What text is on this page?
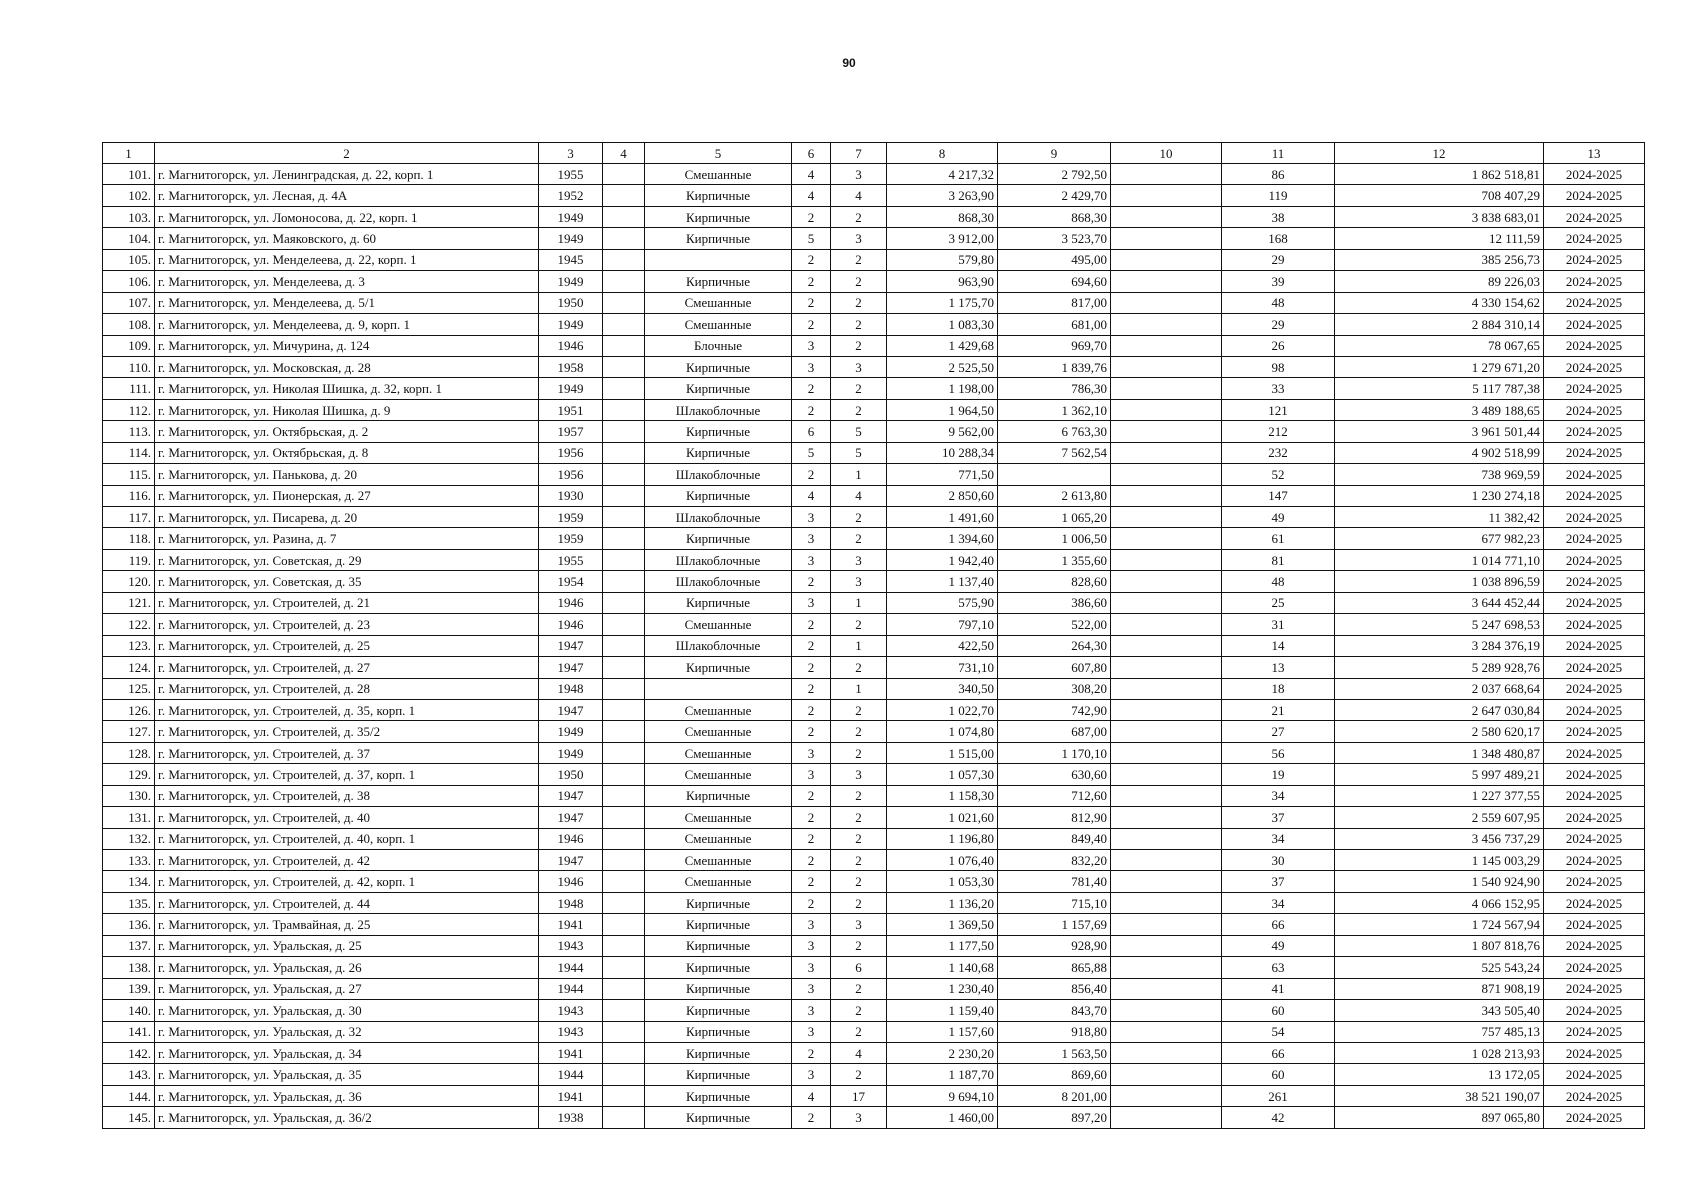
90
1	2	3	4	5	6	7	8	9	10	11	12	13
101.	г. Магнитогорск, ул. Ленинградская, д. 22, корп. 1	1955		Смешанные	4	3	4 217,32	2 792,50		86	1 862 518,81	2024-2025
102.	г. Магнитогорск, ул. Лесная, д. 4А	1952		Кирпичные	4	4	3 263,90	2 429,70		119	708 407,29	2024-2025
103.	г. Магнитогорск, ул. Ломоносова, д. 22, корп. 1	1949		Кирпичные	2	2	868,30	868,30		38	3 838 683,01	2024-2025
104.	г. Магнитогорск, ул. Маяковского, д. 60	1949		Кирпичные	5	3	3 912,00	3 523,70		168	12 111,59	2024-2025
105.	г. Магнитогорск, ул. Менделеева, д. 22, корп. 1	1945			2	2	579,80	495,00		29	385 256,73	2024-2025
106.	г. Магнитогорск, ул. Менделеева, д. 3	1949		Кирпичные	2	2	963,90	694,60		39	89 226,03	2024-2025
107.	г. Магнитогорск, ул. Менделеева, д. 5/1	1950		Смешанные	2	2	1 175,70	817,00		48	4 330 154,62	2024-2025
108.	г. Магнитогорск, ул. Менделеева, д. 9, корп. 1	1949		Смешанные	2	2	1 083,30	681,00		29	2 884 310,14	2024-2025
109.	г. Магнитогорск, ул. Мичурина, д. 124	1946		Блочные	3	2	1 429,68	969,70		26	78 067,65	2024-2025
110.	г. Магнитогорск, ул. Московская, д. 28	1958		Кирпичные	3	3	2 525,50	1 839,76		98	1 279 671,20	2024-2025
111.	г. Магнитогорск, ул. Николая Шишка, д. 32, корп. 1	1949		Кирпичные	2	2	1 198,00	786,30		33	5 117 787,38	2024-2025
112.	г. Магнитогорск, ул. Николая Шишка, д. 9	1951		Шлакоблочные	2	2	1 964,50	1 362,10		121	3 489 188,65	2024-2025
113.	г. Магнитогорск, ул. Октябрьская, д. 2	1957		Кирпичные	6	5	9 562,00	6 763,30		212	3 961 501,44	2024-2025
114.	г. Магнитогорск, ул. Октябрьская, д. 8	1956		Кирпичные	5	5	10 288,34	7 562,54		232	4 902 518,99	2024-2025
115.	г. Магнитогорск, ул. Панькова, д. 20	1956		Шлакоблочные	2	1	771,50			52	738 969,59	2024-2025
116.	г. Магнитогорск, ул. Пионерская, д. 27	1930		Кирпичные	4	4	2 850,60	2 613,80		147	1 230 274,18	2024-2025
117.	г. Магнитогорск, ул. Писарева, д. 20	1959		Шлакоблочные	3	2	1 491,60	1 065,20		49	11 382,42	2024-2025
118.	г. Магнитогорск, ул. Разина, д. 7	1959		Кирпичные	3	2	1 394,60	1 006,50		61	677 982,23	2024-2025
119.	г. Магнитогорск, ул. Советская, д. 29	1955		Шлакоблочные	3	3	1 942,40	1 355,60		81	1 014 771,10	2024-2025
120.	г. Магнитогорск, ул. Советская, д. 35	1954		Шлакоблочные	2	3	1 137,40	828,60		48	1 038 896,59	2024-2025
121.	г. Магнитогорск, ул. Строителей, д. 21	1946		Кирпичные	3	1	575,90	386,60		25	3 644 452,44	2024-2025
122.	г. Магнитогорск, ул. Строителей, д. 23	1946		Смешанные	2	2	797,10	522,00		31	5 247 698,53	2024-2025
123.	г. Магнитогорск, ул. Строителей, д. 25	1947		Шлакоблочные	2	1	422,50	264,30		14	3 284 376,19	2024-2025
124.	г. Магнитогорск, ул. Строителей, д. 27	1947		Кирпичные	2	2	731,10	607,80		13	5 289 928,76	2024-2025
125.	г. Магнитогорск, ул. Строителей, д. 28	1948			2	1	340,50	308,20		18	2 037 668,64	2024-2025
126.	г. Магнитогорск, ул. Строителей, д. 35, корп. 1	1947		Смешанные	2	2	1 022,70	742,90		21	2 647 030,84	2024-2025
127.	г. Магнитогорск, ул. Строителей, д. 35/2	1949		Смешанные	2	2	1 074,80	687,00		27	2 580 620,17	2024-2025
128.	г. Магнитогорск, ул. Строителей, д. 37	1949		Смешанные	3	2	1 515,00	1 170,10		56	1 348 480,87	2024-2025
129.	г. Магнитогорск, ул. Строителей, д. 37, корп. 1	1950		Смешанные	3	3	1 057,30	630,60		19	5 997 489,21	2024-2025
130.	г. Магнитогорск, ул. Строителей, д. 38	1947		Кирпичные	2	2	1 158,30	712,60		34	1 227 377,55	2024-2025
131.	г. Магнитогорск, ул. Строителей, д. 40	1947		Смешанные	2	2	1 021,60	812,90		37	2 559 607,95	2024-2025
132.	г. Магнитогорск, ул. Строителей, д. 40, корп. 1	1946		Смешанные	2	2	1 196,80	849,40		34	3 456 737,29	2024-2025
133.	г. Магнитогорск, ул. Строителей, д. 42	1947		Смешанные	2	2	1 076,40	832,20		30	1 145 003,29	2024-2025
134.	г. Магнитогорск, ул. Строителей, д. 42, корп. 1	1946		Смешанные	2	2	1 053,30	781,40		37	1 540 924,90	2024-2025
135.	г. Магнитогорск, ул. Строителей, д. 44	1948		Кирпичные	2	2	1 136,20	715,10		34	4 066 152,95	2024-2025
136.	г. Магнитогорск, ул. Трамвайная, д. 25	1941		Кирпичные	3	3	1 369,50	1 157,69		66	1 724 567,94	2024-2025
137.	г. Магнитогорск, ул. Уральская, д. 25	1943		Кирпичные	3	2	1 177,50	928,90		49	1 807 818,76	2024-2025
138.	г. Магнитогорск, ул. Уральская, д. 26	1944		Кирпичные	3	6	1 140,68	865,88		63	525 543,24	2024-2025
139.	г. Магнитогорск, ул. Уральская, д. 27	1944		Кирпичные	3	2	1 230,40	856,40		41	871 908,19	2024-2025
140.	г. Магнитогорск, ул. Уральская, д. 30	1943		Кирпичные	3	2	1 159,40	843,70		60	343 505,40	2024-2025
141.	г. Магнитогорск, ул. Уральская, д. 32	1943		Кирпичные	3	2	1 157,60	918,80		54	757 485,13	2024-2025
142.	г. Магнитогорск, ул. Уральская, д. 34	1941		Кирпичные	2	4	2 230,20	1 563,50		66	1 028 213,93	2024-2025
143.	г. Магнитогорск, ул. Уральская, д. 35	1944		Кирпичные	3	2	1 187,70	869,60		60	13 172,05	2024-2025
144.	г. Магнитогорск, ул. Уральская, д. 36	1941		Кирпичные	4	17	9 694,10	8 201,00		261	38 521 190,07	2024-2025
145.	г. Магнитогорск, ул. Уральская, д. 36/2	1938		Кирпичные	2	3	1 460,00	897,20		42	897 065,80	2024-2025
